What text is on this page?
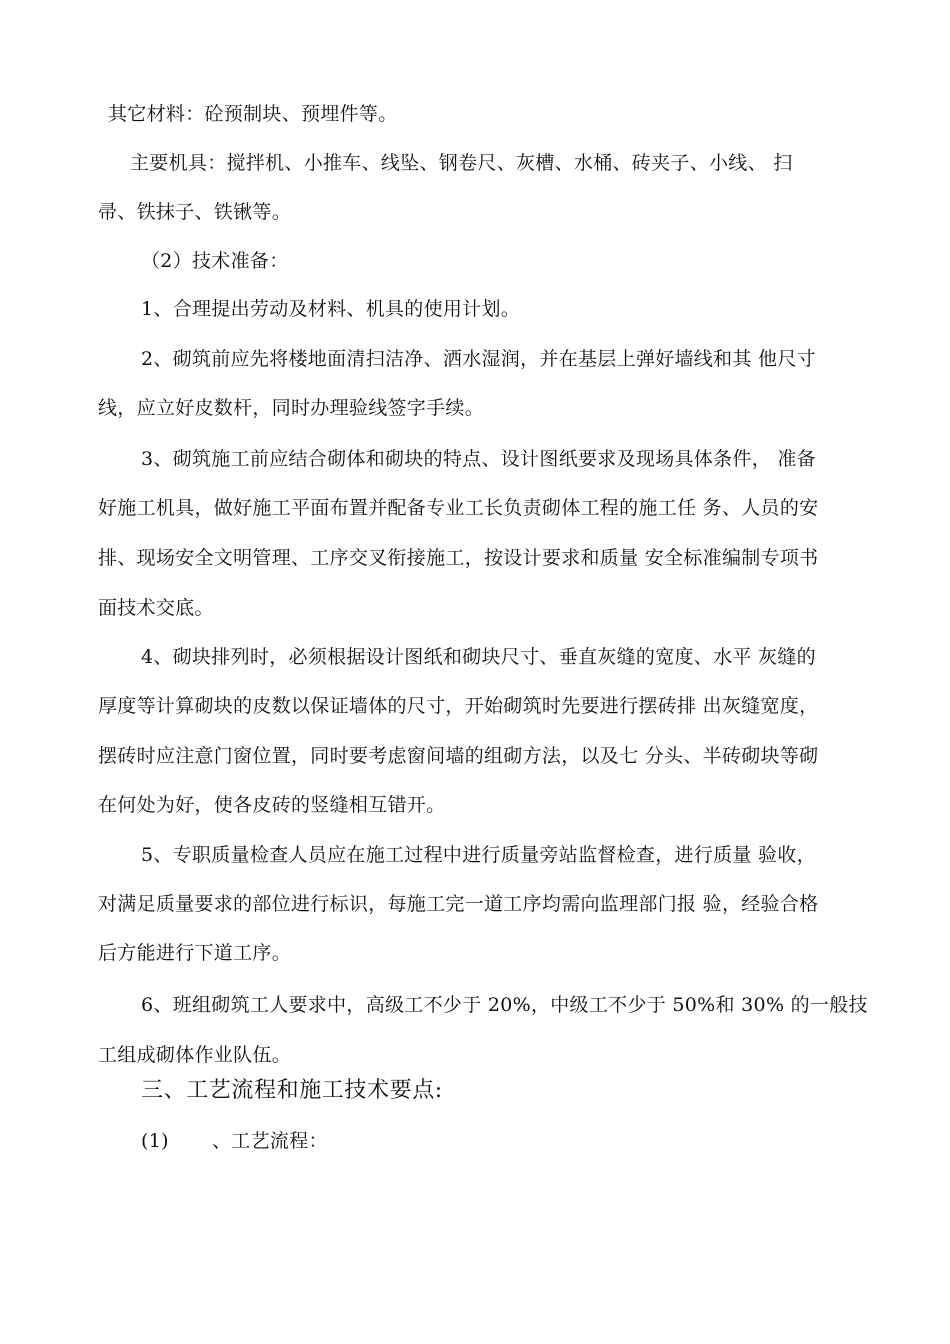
其它材料：砼预制块、预埋件等。
主要机具：搅拌机、小推车、线坠、钢卷尺、灰槽、水桶、砖夹子、小线、 扫
帚、铁抹子、铁锹等。
（2）技术准备：
1、合理提出劳动及材料、机具的使用计划。
2、砌筑前应先将楼地面清扫洁净、洒水湿润，并在基层上弹好墙线和其 他尺寸
线，应立好皮数杆，同时办理验线签字手续。
3、砌筑施工前应结合砌体和砌块的特点、设计图纸要求及现场具体条件， 准备
好施工机具，做好施工平面布置并配备专业工长负责砌体工程的施工任 务、人员的安
排、现场安全文明管理、工序交叉衔接施工，按设计要求和质量 安全标准编制专项书
面技术交底。
4、砌块排列时，必须根据设计图纸和砌块尺寸、垂直灰缝的宽度、水平 灰缝的
厚度等计算砌块的皮数以保证墙体的尺寸，开始砌筑时先要进行摆砖排 出灰缝宽度，
摆砖时应注意门窗位置，同时要考虑窗间墙的组砌方法，以及七 分头、半砖砌块等砌
在何处为好，使各皮砖的竖缝相互错开。
5、专职质量检查人员应在施工过程中进行质量旁站监督检查，进行质量 验收，
对满足质量要求的部位进行标识，每施工完一道工序均需向监理部门报 验，经验合格
后方能进行下道工序。
6、班组砌筑工人要求中，高级工不少于 20%，中级工不少于 50%和 30% 的一般技
工组成砌体作业队伍。
三、工艺流程和施工技术要点:
(1) 、工艺流程：
